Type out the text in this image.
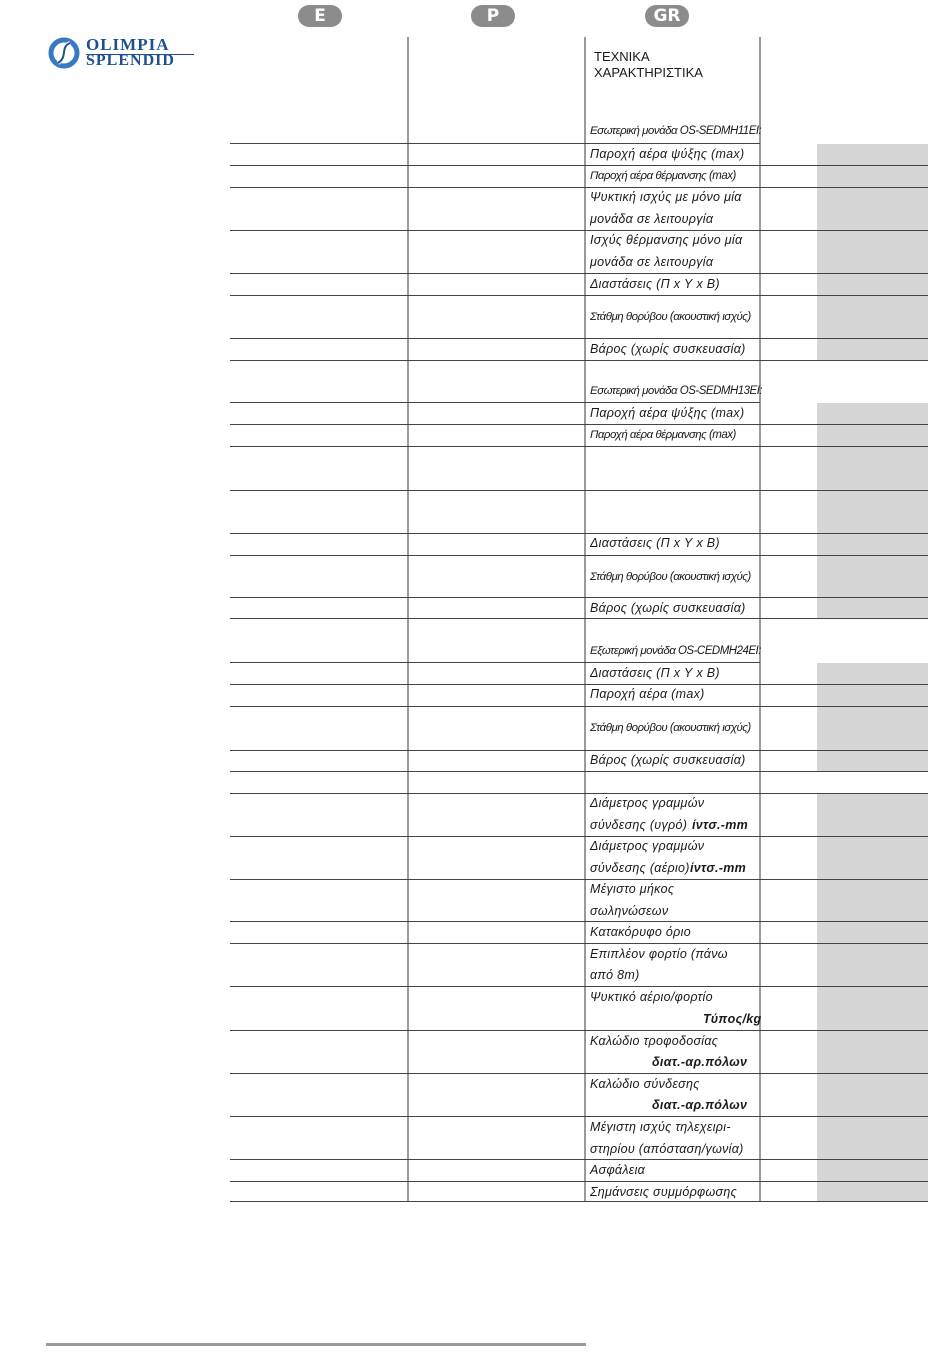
E	P	GR
OLIMPIA
SPLENDID	ΤΕΧΝΙΚΑ
ΧΑΡΑΚΤΗΡΙΣΤΙΚΑ
Εσωτερική μονάδα OS-SEDMH11EI:
Παροχή αέρα ψύξης (max)
Παροχή αέρα θέρμανσης (max)
Ψυκτική ισχύς με μόνο μία
μονάδα σε λειτουργία
Ισχύς θέρμανσης μόνο μία
μονάδα σε λειτουργία
Διαστάσεις (Π x Υ x Β)
Στάθμη θορύβου (ακουστική ισχύς)
Βάρος (χωρίς συσκευασία)
Εσωτερική μονάδα OS-SEDMH13EI:
Παροχή αέρα ψύξης (max)
Παροχή αέρα θέρμανσης (max)
Διαστάσεις (Π x Υ x Β)
Στάθμη θορύβου (ακουστική ισχύς)
Βάρος (χωρίς συσκευασία)
Εξωτερική μονάδα OS-CEDMH24EI:
Διαστάσεις (Π x Υ x Β)
Παροχή αέρα (max)
Στάθμη θορύβου (ακουστική ισχύς)
Βάρος (χωρίς συσκευασία)
Διάμετρος γραμμών
σύνδεσης (υγρό) ίντσ.-mm
Διάμετρος γραμμών
σύνδεσης (αέριο) ίντσ.-mm
Μέγιστο μήκος
σωληνώσεων
Κατακόρυφο όριο
Επιπλέον φορτίο (πάνω
από 8m)
Ψυκτικό αέριο/φορτίο
Τύπος/kg
Καλώδιο τροφοδοσίας
διατ.-αρ.πόλων
Καλώδιο σύνδεσης
διατ.-αρ.πόλων
Μέγιστη ισχύς τηλεχειρι-
στηρίου (απόσταση/γωνία)
Ασφάλεια
Σημάνσεις συμμόρφωσης
